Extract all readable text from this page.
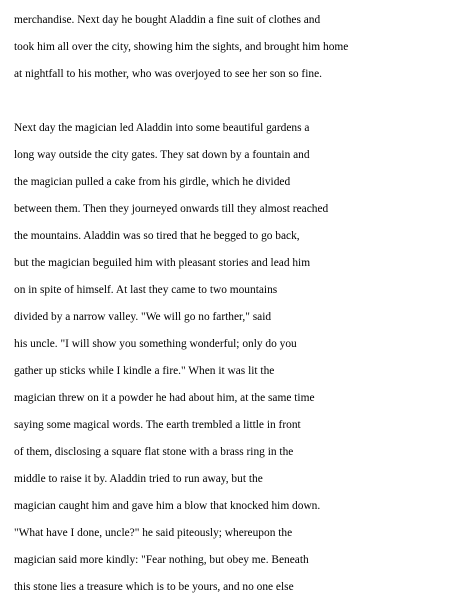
merchandise. Next day he bought Aladdin a fine suit of clothes and
took him all over the city, showing him the sights, and brought him home
at nightfall to his mother, who was overjoyed to see her son so fine.
Next day the magician led Aladdin into some beautiful gardens a
long way outside the city gates. They sat down by a fountain and
the magician pulled a cake from his girdle, which he divided
between them. Then they journeyed onwards till they almost reached
the mountains. Aladdin was so tired that he begged to go back,
but the magician beguiled him with pleasant stories and lead him
on in spite of himself. At last they came to two mountains
divided by a narrow valley. "We will go no farther," said
his uncle. "I will show you something wonderful; only do you
gather up sticks while I kindle a fire." When it was lit the
magician threw on it a powder he had about him, at the same time
saying some magical words. The earth trembled a little in front
of them, disclosing a square flat stone with a brass ring in the
middle to raise it by. Aladdin tried to run away, but the
magician caught him and gave him a blow that knocked him down.
"What have I done, uncle?" he said piteously; whereupon the
magician said more kindly: "Fear nothing, but obey me. Beneath
this stone lies a treasure which is to be yours, and no one else
